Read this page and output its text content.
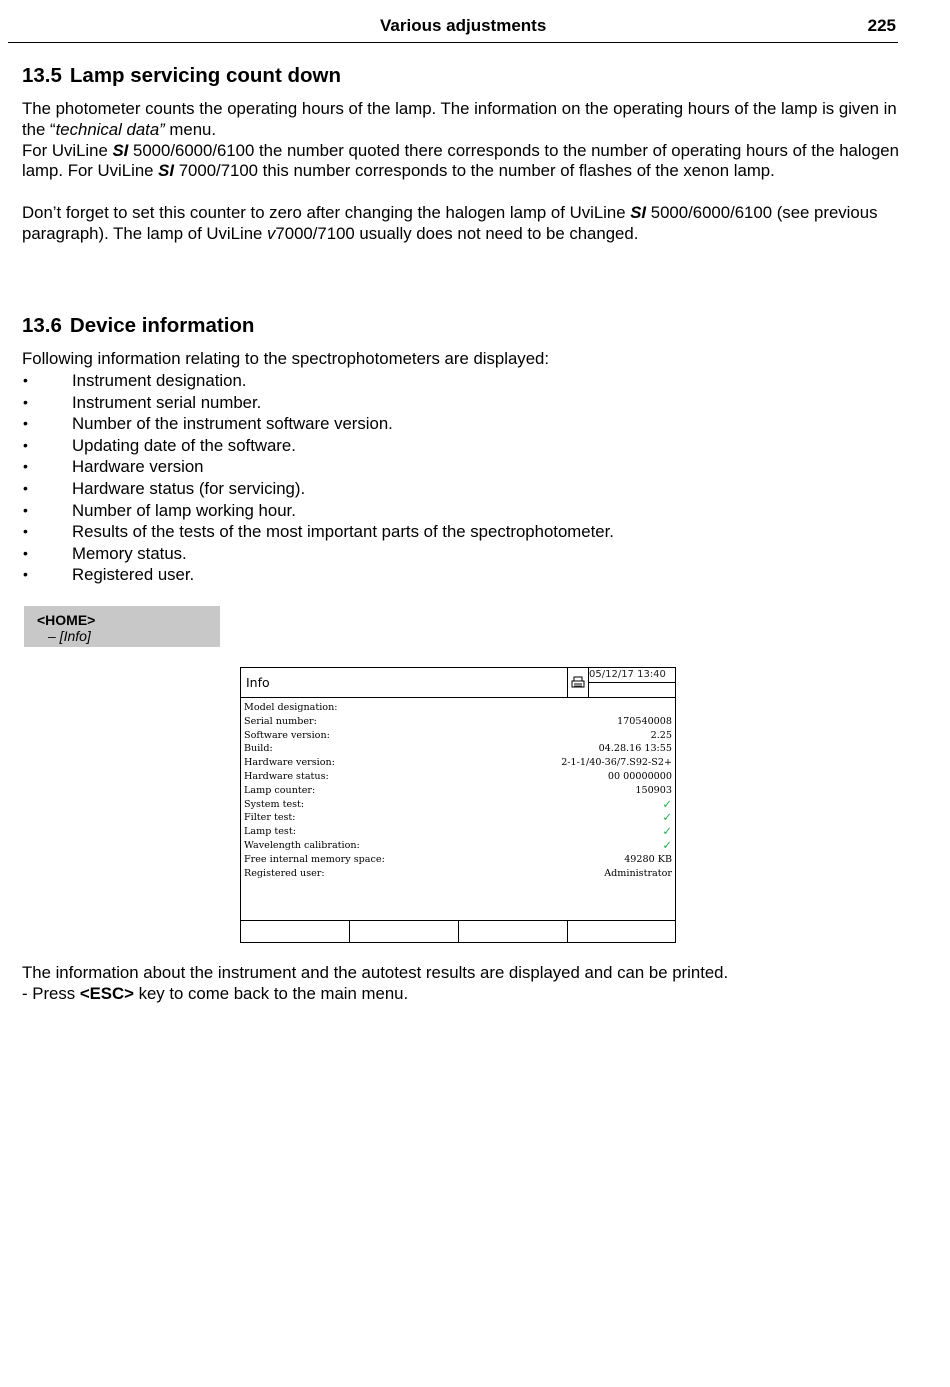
Various adjustments	225
13.5 Lamp servicing count down

The photometer counts the operating hours of the lamp. The information on the operating hours of the lamp is given in the “technical data” menu.
For UviLine SI 5000/6000/6100 the number quoted there corresponds to the number of operating hours of the halogen lamp. For UviLine SI 7000/7100 this number corresponds to the number of flashes of the xenon lamp.

Don’t forget to set this counter to zero after changing the halogen lamp of UviLine SI 5000/6000/6100 (see previous paragraph). The lamp of UviLine v7000/7100 usually does not need to be changed.

13.6 Device information

Following information relating to the spectrophotometers are displayed:

•	Instrument designation.
•	Instrument serial number.
•	Number of the instrument software version.
•	Updating date of the software.
•	Hardware version
•	Hardware status (for servicing).
•	Number of lamp working hour.
•	Results of the tests of the most important parts of the spectrophotometer.
•	Memory status.
•	Registered user.
<HOME>
– [Info]
Info
05/12/17 13:40
Model designation:
Serial number:	170540008
Software version:	2.25
Build:	04.28.16 13:55
Hardware version:	2-1-1/40-36/7.S92-S2+
Hardware status:	00 00000000
Lamp counter:	150903
System test:	✓
Filter test:	✓
Lamp test:	✓
Wavelength calibration:	✓
Free internal memory space:	49280 KB
Registered user:	Administrator

The information about the instrument and the autotest results are displayed and can be printed.
- Press <ESC> key to come back to the main menu.
